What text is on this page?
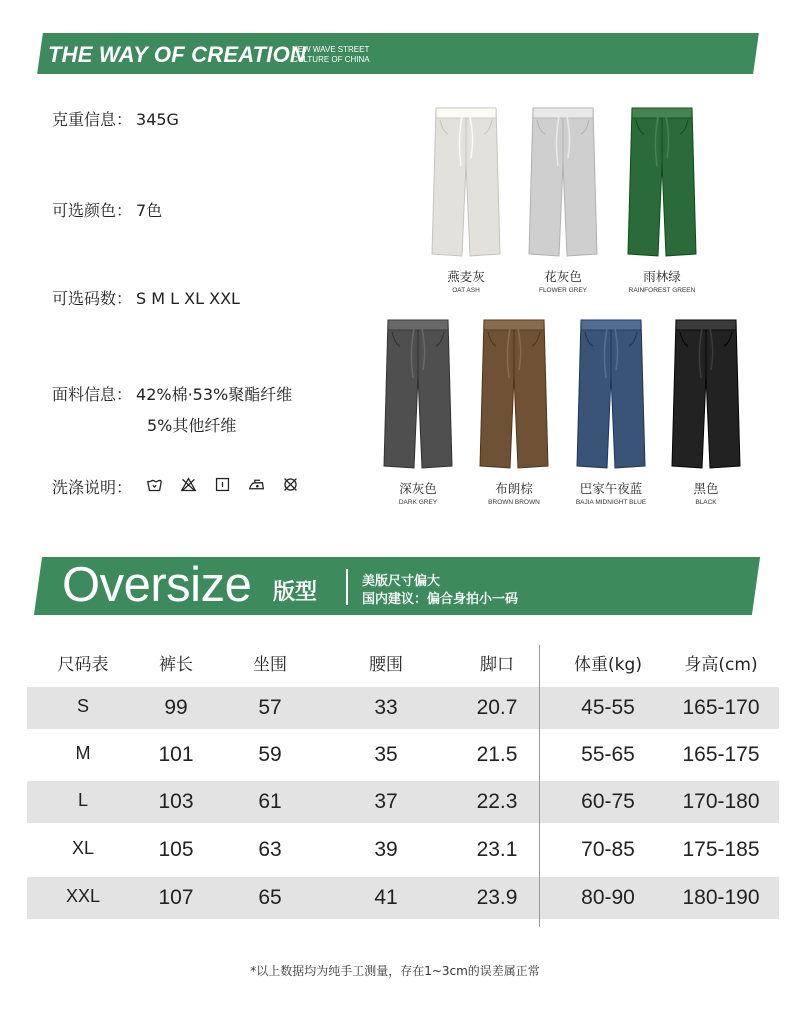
THE WAY OF CREATION
NEW WAVE STREET
CULTURE OF CHINA
克重信息： 345G
可选颜色： 7色
可选码数： S M L XL XXL
面料信息： 42%棉·53%聚酯纤维
5%其他纤维
洗涤说明：
燕麦灰
OAT ASH
花灰色
FLOWER GREY
雨林绿
RAINFOREST GREEN
深灰色
DARK GREY
布朗棕
BROWN BROWN
巴家午夜蓝
BAJIA MIDNIGHT BLUE
黑色
BLACK
Oversize 版型	美版尺寸偏大
国内建议：偏合身拍小一码
尺码表	裤长	坐围	腰围	脚口	体重(kg) 身高(cm)
S	99	57	33	20.7	45-55 165-170
M	101	59	35	21.5	55-65 165-175
L	103	61	37	22.3	60-75 170-180
XL	105	63	39	23.1	70-85 175-185
XXL	107	65	41	23.9	80-90 180-190
*以上数据均为纯手工测量，存在1~3cm的误差属正常
